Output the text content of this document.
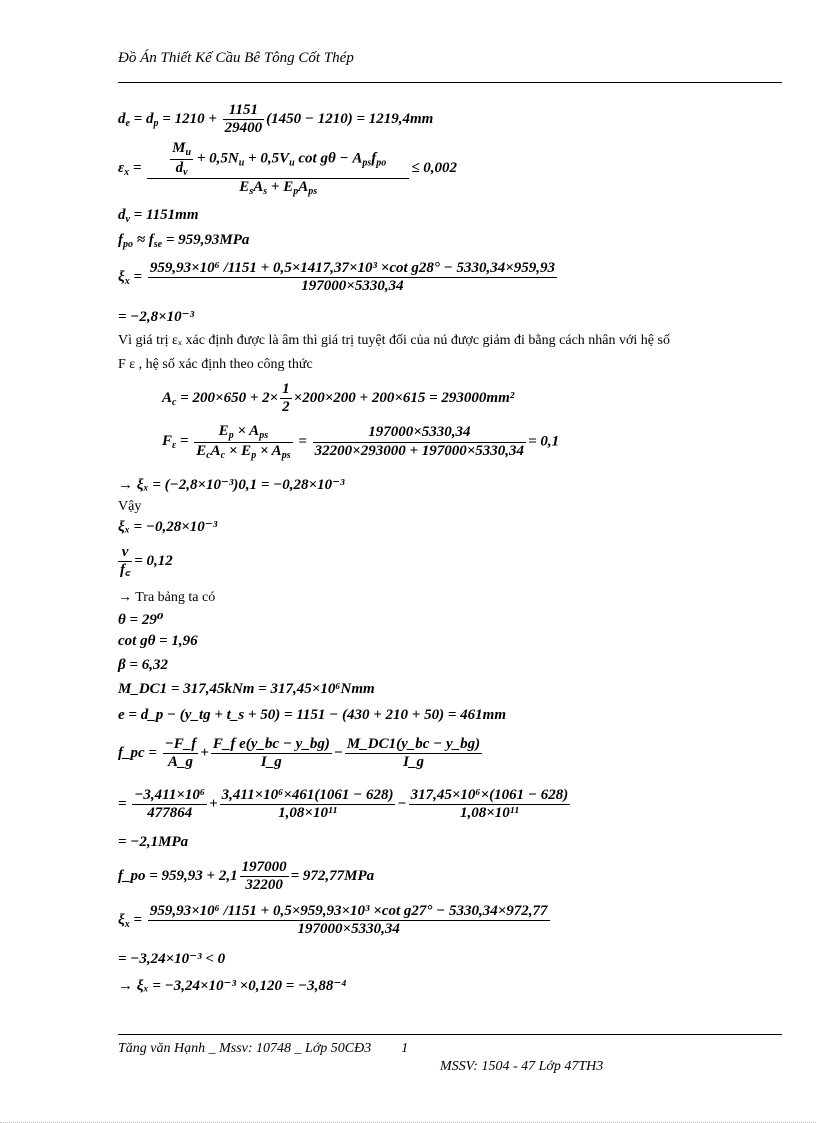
Đồ Án Thiết Kế Cầu Bê Tông Cốt Thép
$d_e = d_p = 1210 + \frac{1151}{29400} (1450 - 1210) = 1219,4mm$
$\varepsilon_x = \frac{\frac{M_u}{d_v} + 0,5N_u + 0,5V_u \cot g\theta - A_{ps}f_{po}}{E_sA_s + E_pA_{ps}} \le 0,002$
$d_v = 1151mm$
$f_{po} \approx f_{se} = 959,93MPa$
$\xi_x$ =
959,93×10⁶ /1151 + 0,5×1417,37×10³ ×cot g28° − 5330,34×959,93
197000×5330,34
= −2,8×10⁻³
Vì giá trị εₓ xác định được là âm thì giá trị tuyệt đối của nú được giảm đi bằng cách nhân với hệ số
F ε , hệ số xác định theo công thức
$A_c = 200\times 650 + 2\times \frac{1}{2} \times 200\times 200 + 200\times 615 = 293000mm^2$
$F_\varepsilon = \frac{E_p \times A_{ps}}{E_cA_c \times E_p \times A_{ps}} = \frac{197000\times 5330,34}{32200\times 293000 + 197000\times 5330,34} = 0,1$
→ ξₓ = (−2,8×10⁻³)0,1 = −0,28×10⁻³
Vậy
ξₓ = −0,28×10⁻³
$\frac{v}{f꜀} = 0,12$
→ Tra bảng ta có
θ = 29⁰
cot gθ = 1,96
β = 6,32
M_DC1 = 317,45kNm = 317,45×10⁶Nmm
e = d_p − (y_tg + t_s + 50) = 1151 − (430 + 210 + 50) = 461mm
f_pc = $\frac{-F\_f}{A\_g} + \frac{\text{F\_f e(y\_bc − y\_bg)}}{I\_g} - \frac{M\_DC1(y\_bc - y\_bg)}{I\_g}$
= $\frac{\text{−3,411×10⁶}}{477864} + \frac{\text{3,411×10⁶×461(1061 − 628)}}{\text{1,08×10¹¹}} - \frac{\text{317,45×10⁶×(1061 − 628)}}{\text{1,08×10¹¹}}$
= −2,1MPa
f_po = $959,93 + 2,1 \frac{197000}{32200} = 972,77MPa$
$\xi_x = \frac{\text{959,93×10⁶ /1151 + 0,5×959,93×10³ ×cot g27° − 5330,34×972,77}}{197000\times 5330,34}$
= −3,24×10⁻³ < 0
→ ξₓ = −3,24×10⁻³ ×0,120 = −3,88⁻⁴
Tăng văn Hạnh _ Mssv: 10748 _ Lớp 50CĐ3 1
MSSV: 1504 - 47 Lớp 47TH3
